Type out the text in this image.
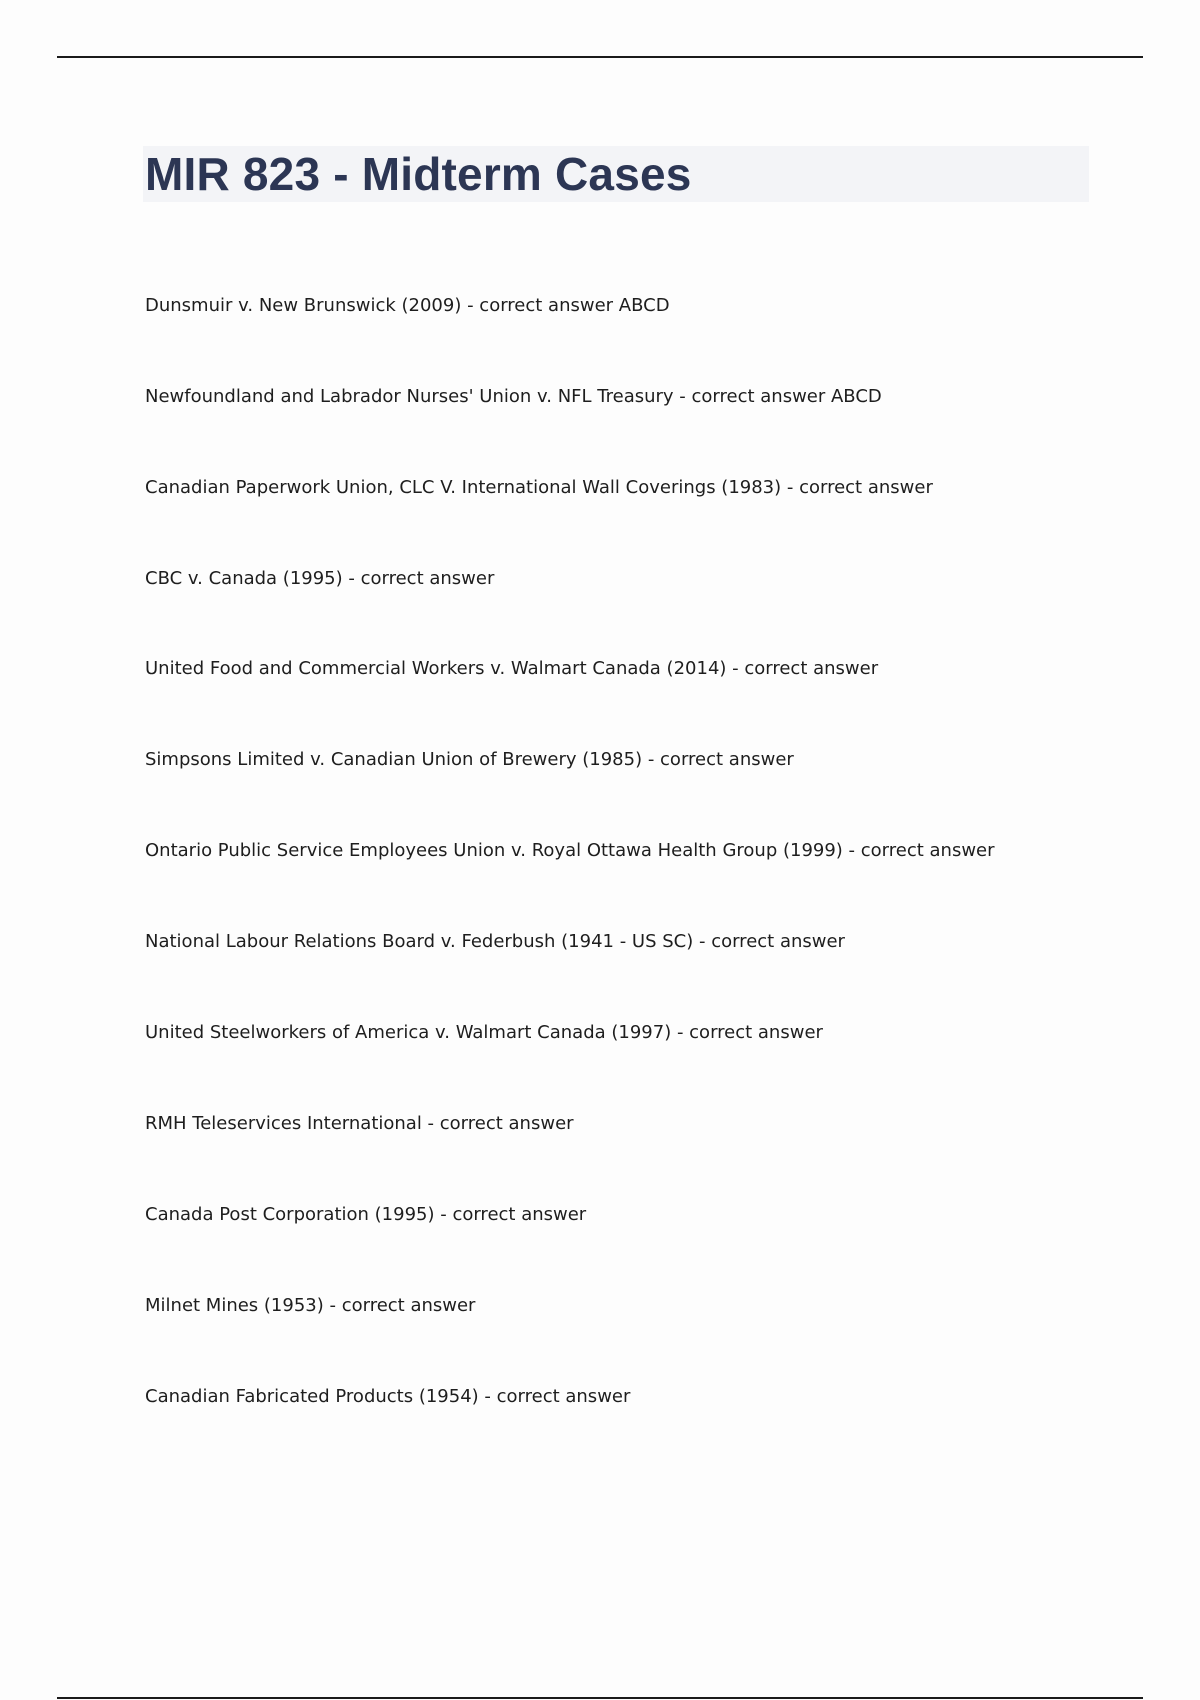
MIR 823 - Midterm Cases
Dunsmuir v. New Brunswick (2009) - correct answer ABCD
Newfoundland and Labrador Nurses' Union v. NFL Treasury - correct answer ABCD
Canadian Paperwork Union, CLC V. International Wall Coverings (1983) - correct answer
CBC v. Canada (1995) - correct answer
United Food and Commercial Workers v. Walmart Canada (2014) - correct answer
Simpsons Limited v. Canadian Union of Brewery (1985) - correct answer
Ontario Public Service Employees Union v. Royal Ottawa Health Group (1999) - correct answer
National Labour Relations Board v. Federbush (1941 - US SC) - correct answer
United Steelworkers of America v. Walmart Canada (1997) - correct answer
RMH Teleservices International - correct answer
Canada Post Corporation (1995) - correct answer
Milnet Mines (1953) - correct answer
Canadian Fabricated Products (1954) - correct answer
